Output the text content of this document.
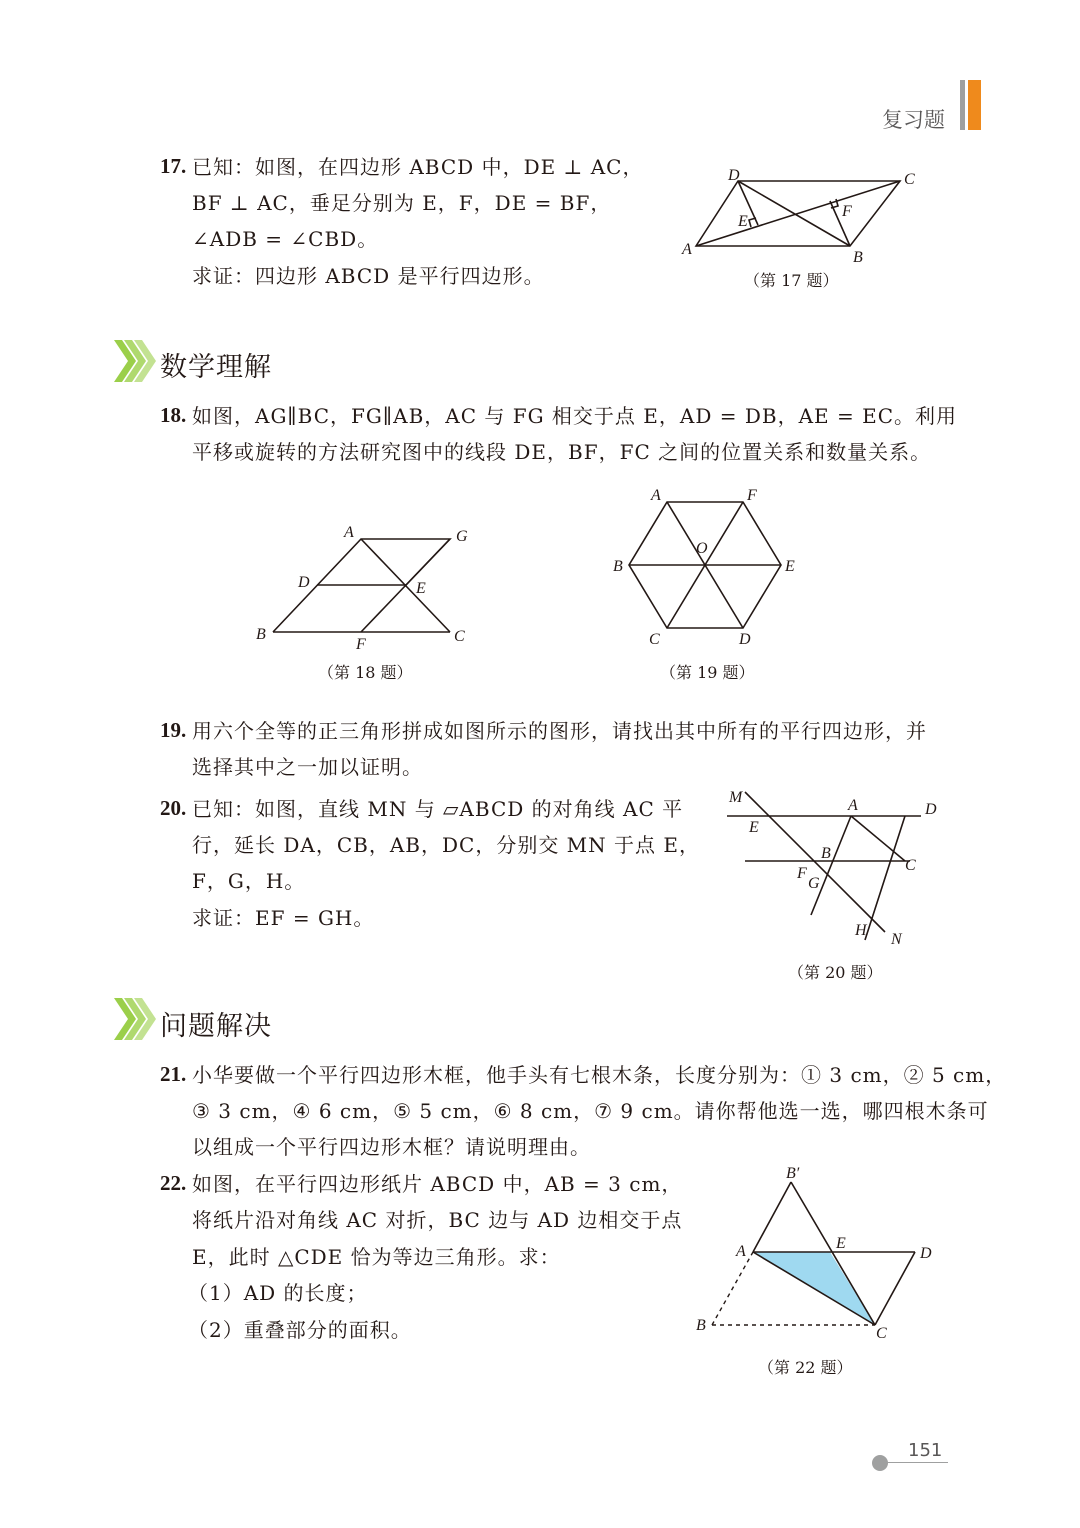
复习题
17. 已知：如图，在四边形 ABCD 中，DE ⊥ AC，
BF ⊥ AC，垂足分别为 E，F，DE = BF，
∠ADB = ∠CBD。
求证：四边形 ABCD 是平行四边形。
A
D	C
B
E
F
（第 17 题）
数学理解
18. 如图，AG∥BC，FG∥AB，AC 与 FG 相交于点 E，AD = DB，AE = EC。利用
平移或旋转的方法研究图中的线段 DE，BF，FC 之间的位置关系和数量关系。
A	G
D	E
B
F	C
（第 18 题）
A	F
O
B	E
C	D
（第 19 题）
19. 用六个全等的正三角形拼成如图所示的图形，请找出其中所有的平行四边形，并
选择其中之一加以证明。
20. 已知：如图，直线 MN 与 ▱ABCD 的对角线 AC 平
行，延长 DA，CB，AB，DC，分别交 MN 于点 E，
F，G，H。
求证：EF = GH。
M	A	D
E
B
C
F
G
H
N
（第 20 题）
问题解决
21. 小华要做一个平行四边形木框，他手头有七根木条，长度分别为：① 3 cm，② 5 cm，
③ 3 cm，④ 6 cm，⑤ 5 cm，⑥ 8 cm，⑦ 9 cm。请你帮他选一选，哪四根木条可
以组成一个平行四边形木框？请说明理由。
22. 如图，在平行四边形纸片 ABCD 中，AB = 3 cm，
将纸片沿对角线 AC 对折，BC 边与 AD 边相交于点
E，此时 △CDE 恰为等边三角形。求：
（1）AD 的长度；
（2）重叠部分的面积。
B′
A	E
D
B	C
（第 22 题）
151
